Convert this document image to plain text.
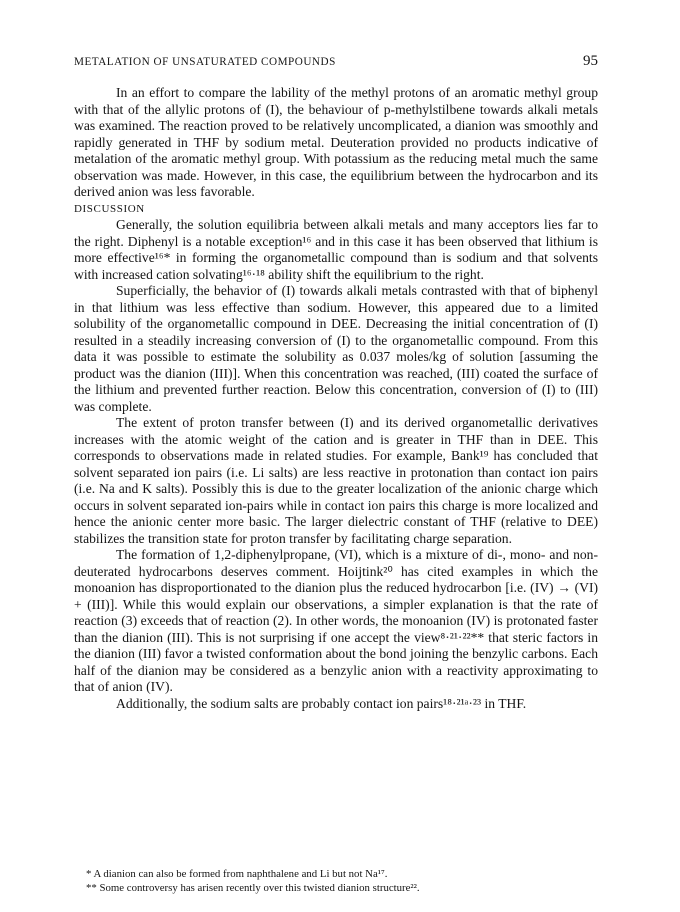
METALATION OF UNSATURATED COMPOUNDS	95

In an effort to compare the lability of the methyl protons of an aromatic methyl group with that of the allylic protons of (I), the behaviour of p-methylstilbene towards alkali metals was examined. The reaction proved to be relatively uncomplicated, a dianion was smoothly and rapidly generated in THF by sodium metal. Deuteration provided no products indicative of metalation of the aromatic methyl group. With potassium as the reducing metal much the same observation was made. However, in this case, the equilibrium between the hydrocarbon and its derived anion was less favorable.

DISCUSSION

Generally, the solution equilibria between alkali metals and many acceptors lies far to the right. Diphenyl is a notable exception¹⁶ and in this case it has been observed that lithium is more effective¹⁶* in forming the organometallic compound than is sodium and that solvents with increased cation solvating¹⁶·¹⁸ ability shift the equilibrium to the right.

Superficially, the behavior of (I) towards alkali metals contrasted with that of biphenyl in that lithium was less effective than sodium. However, this appeared due to a limited solubility of the organometallic compound in DEE. Decreasing the initial concentration of (I) resulted in a steadily increasing conversion of (I) to the organometallic compound. From this data it was possible to estimate the solubility as 0.037 moles/kg of solution [assuming the product was the dianion (III)]. When this concentration was reached, (III) coated the surface of the lithium and prevented further reaction. Below this concentration, conversion of (I) to (III) was complete.

The extent of proton transfer between (I) and its derived organometallic derivatives increases with the atomic weight of the cation and is greater in THF than in DEE. This corresponds to observations made in related studies. For example, Bank¹⁹ has concluded that solvent separated ion pairs (i.e. Li salts) are less reactive in protonation than contact ion pairs (i.e. Na and K salts). Possibly this is due to the greater localization of the anionic charge which occurs in solvent separated ion-pairs while in contact ion pairs this charge is more localized and hence the anionic center more basic. The larger dielectric constant of THF (relative to DEE) stabilizes the transition state for proton transfer by facilitating charge separation.

The formation of 1,2-diphenylpropane, (VI), which is a mixture of di-, mono- and non-deuterated hydrocarbons deserves comment. Hoijtink²⁰ has cited examples in which the monoanion has disproportionated to the dianion plus the reduced hydrocarbon [i.e. (IV) → (VI) + (III)]. While this would explain our observations, a simpler explanation is that the rate of reaction (3) exceeds that of reaction (2). In other words, the monoanion (IV) is protonated faster than the dianion (III). This is not surprising if one accept the view⁸·²¹·²²** that steric factors in the dianion (III) favor a twisted conformation about the bond joining the benzylic carbons. Each half of the dianion may be considered as a benzylic anion with a reactivity approximating to that of anion (IV).

Additionally, the sodium salts are probably contact ion pairs¹⁸·²¹ᵃ·²³ in THF.

* A dianion can also be formed from naphthalene and Li but not Na¹⁷.

** Some controversy has arisen recently over this twisted dianion structure²².
